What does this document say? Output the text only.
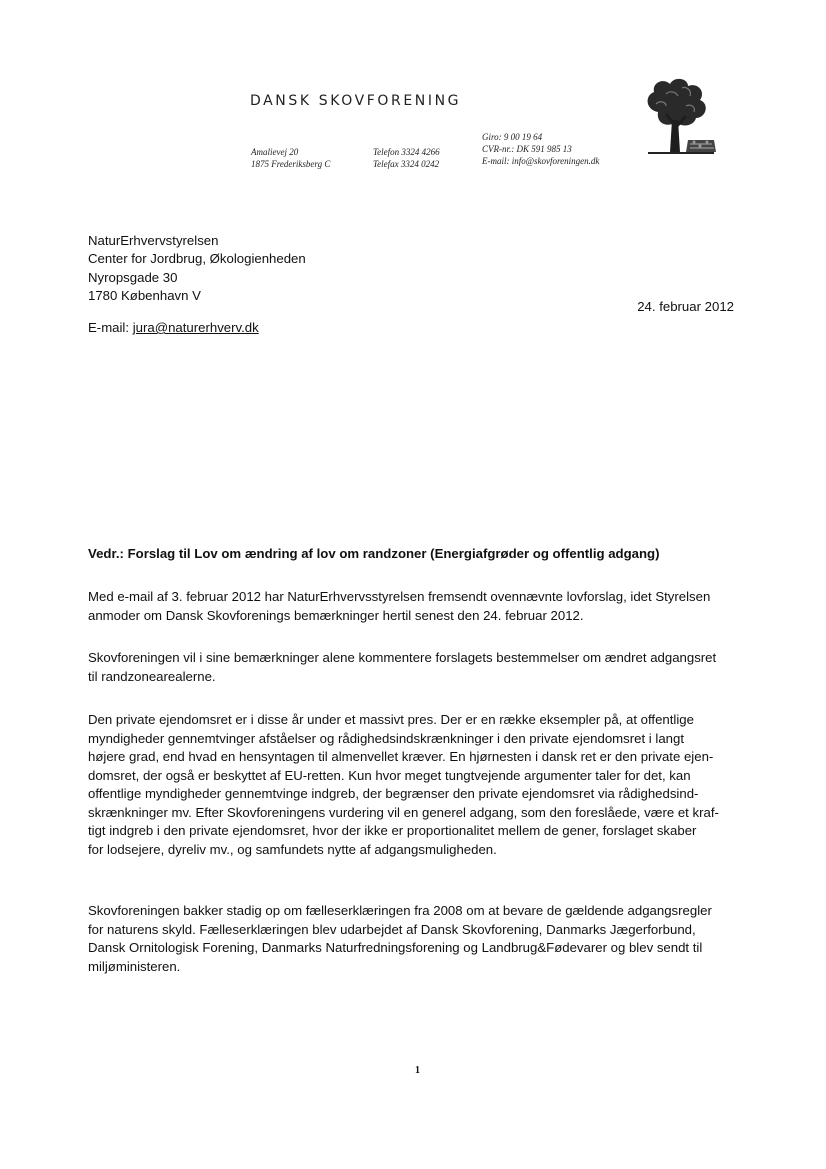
DANSK SKOVFORENING
Amalievеj 20
1875 Frederiksberg C
Telefon 3324 4266
Telefax 3324 0242
Giro: 9 00 19 64
CVR-nr.: DK 591 985 13
E-mail: info@skovforeningen.dk
NaturErhvervstyrelsen
Center for Jordbrug, Økologienheden
Nyropsgade 30
1780 København V
24. februar 2012
E-mail: jura@naturerhverv.dk
Vedr.: Forslag til Lov om ændring af lov om randzoner (Energiafgrøder og offentlig adgang)

Med e-mail af 3. februar 2012 har NaturErhvervsstyrelsen fremsendt ovennævnte lovforslag, idet Styrelsen
anmoder om Dansk Skovforenings bemærkninger hertil senest den 24. februar 2012.

Skovforeningen vil i sine bemærkninger alene kommentere forslagets bestemmelser om ændret adgangsret
til randzonearealerne.

Den private ejendomsret er i disse år under et massivt pres. Der er en række eksempler på, at offentlige
myndigheder gennemtvinger afståelser og rådighedsindskrænkninger i den private ejendomsret i langt
højere grad, end hvad en hensyntagen til almenvellet kræver. En hjørnesten i dansk ret er den private ejen-
domsret, der også er beskyttet af EU-retten. Kun hvor meget tungtvejende argumenter taler for det, kan
offentlige myndigheder gennemtvinge indgreb, der begrænser den private ejendomsret via rådighedsind-
skrænkninger mv. Efter Skovforeningens vurdering vil en generel adgang, som den foreslåede, være et kraf-
tigt indgreb i den private ejendomsret, hvor der ikke er proportionalitet mellem de gener, forslaget skaber
for lodsejere, dyreliv mv., og samfundets nytte af adgangsmuligheden.

Skovforeningen bakker stadig op om fælleserklæringen fra 2008 om at bevare de gældende adgangsregler
for naturens skyld. Fælleserklæringen blev udarbejdet af Dansk Skovforening, Danmarks Jægerforbund,
Dansk Ornitologisk Forening, Danmarks Naturfredningsforening og Landbrug&Fødevarer og blev sendt til
miljøministeren.

1
